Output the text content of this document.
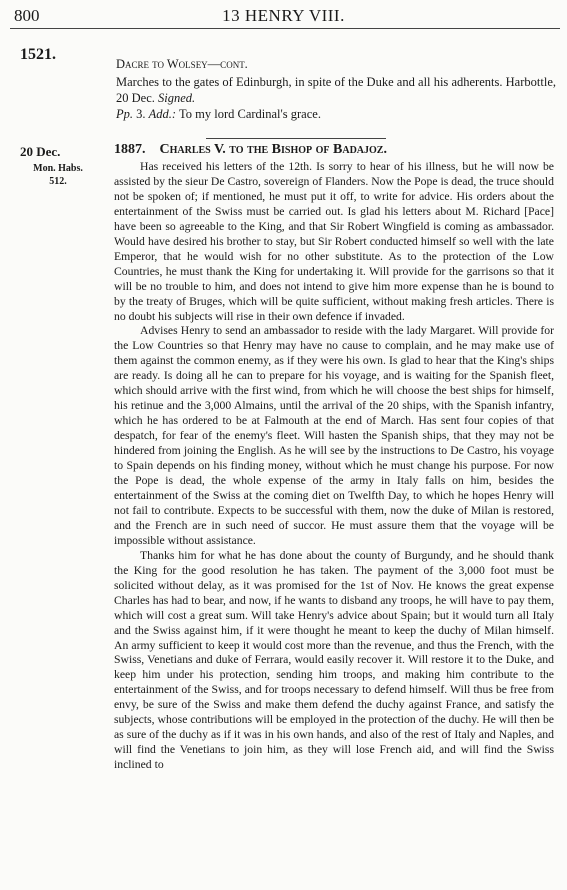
800	13 HENRY VIII.
1521.
Dacre to Wolsey—cont.

Marches to the gates of Edinburgh, in spite of the Duke and all his adherents. Harbottle, 20 Dec. Signed.

Pp. 3. Add.: To my lord Cardinal's grace.

20 Dec.
Mon. Habs.
512.
1887. Charles V. to the Bishop of Badajoz.

Has received his letters of the 12th. Is sorry to hear of his illness, but he will now be assisted by the sieur De Castro, sovereign of Flanders. Now the Pope is dead, the truce should not be spoken of; if mentioned, he must put it off, to write for advice. His orders about the entertainment of the Swiss must be carried out. Is glad his letters about M. Richard [Pace] have been so agreeable to the King, and that Sir Robert Wingfield is coming as ambassador. Would have desired his brother to stay, but Sir Robert conducted himself so well with the late Emperor, that he would wish for no other substitute. As to the protection of the Low Countries, he must thank the King for undertaking it. Will provide for the garrisons so that it will be no trouble to him, and does not intend to give him more expense than he is bound to by the treaty of Bruges, which will be quite sufficient, without making fresh articles. There is no doubt his subjects will rise in their own defence if invaded.

Advises Henry to send an ambassador to reside with the lady Margaret. Will provide for the Low Countries so that Henry may have no cause to complain, and he may make use of them against the common enemy, as if they were his own. Is glad to hear that the King's ships are ready. Is doing all he can to prepare for his voyage, and is waiting for the Spanish fleet, which should arrive with the first wind, from which he will choose the best ships for himself, his retinue and the 3,000 Almains, until the arrival of the 20 ships, with the Spanish infantry, which he has ordered to be at Falmouth at the end of March. Has sent four copies of that despatch, for fear of the enemy's fleet. Will hasten the Spanish ships, that they may not be hindered from joining the English. As he will see by the instructions to De Castro, his voyage to Spain depends on his finding money, without which he must change his purpose. For now the Pope is dead, the whole expense of the army in Italy falls on him, besides the entertainment of the Swiss at the coming diet on Twelfth Day, to which he hopes Henry will not fail to contribute. Expects to be successful with them, now the duke of Milan is restored, and the French are in such need of succor. He must assure them that the voyage will be impossible without assistance.

Thanks him for what he has done about the county of Burgundy, and he should thank the King for the good resolution he has taken. The payment of the 3,000 foot must be solicited without delay, as it was promised for the 1st of Nov. He knows the great expense Charles has had to bear, and now, if he wants to disband any troops, he will have to pay them, which will cost a great sum. Will take Henry's advice about Spain; but it would turn all Italy and the Swiss against him, if it were thought he meant to keep the duchy of Milan himself. An army sufficient to keep it would cost more than the revenue, and thus the French, with the Swiss, Venetians and duke of Ferrara, would easily recover it. Will restore it to the Duke, and keep him under his protection, sending him troops, and making him contribute to the entertainment of the Swiss, and for troops necessary to defend himself. Will thus be free from envy, be sure of the Swiss and make them defend the duchy against France, and satisfy the subjects, whose contributions will be employed in the protection of the duchy. He will then be as sure of the duchy as if it was in his own hands, and also of the rest of Italy and Naples, and will find the Venetians to join him, as they will lose French aid, and will find the Swiss inclined to
